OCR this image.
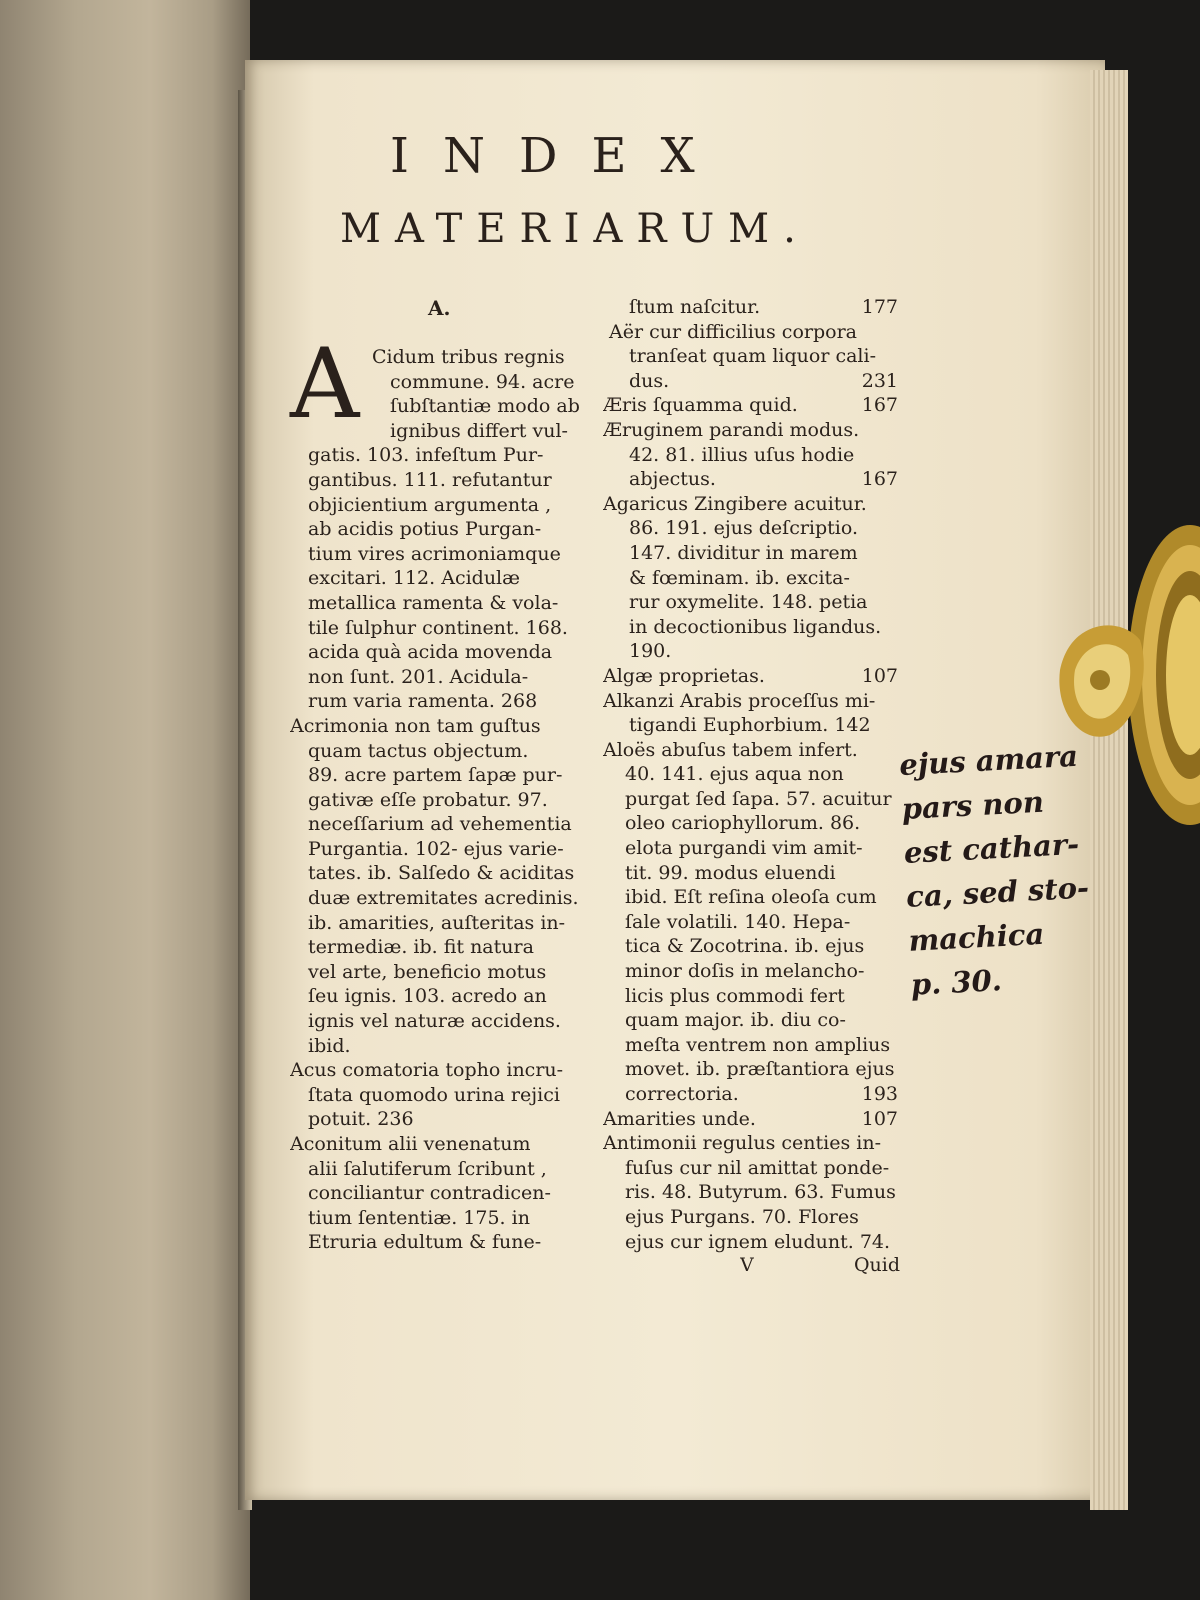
INDEX
MATERIARUM.
A.
A Cidum tribus regnis
commune. 94. acre
ſubſtantiæ modo ab
ignibus differt vul-
gatis. 103. infeſtum Pur-
gantibus. 111. refutantur
objicientium argumenta ,
ab acidis potius Purgan-
tium vires acrimoniamque
excitari. 112. Acidulæ
metallica ramenta & vola-
tile ſulphur continent. 168.
acida quà acida movenda
non ſunt. 201. Acidula-
rum varia ramenta. 268
Acrimonia non tam guſtus
quam tactus objectum.
89. acre partem ſapæ pur-
gativæ eſſe probatur. 97.
neceſſarium ad vehementia
Purgantia. 102- ejus varie-
tates. ib. Salſedo & aciditas
duæ extremitates acredinis.
ib. amarities, auſteritas in-
termediæ. ib. fit natura
vel arte, beneficio motus
ſeu ignis. 103. acredo an
ignis vel naturæ accidens.
ibid.
Acus comatoria topho incru-
ſtata quomodo urina rejici
potuit. 236
Aconitum alii venenatum
alii ſalutiferum ſcribunt ,
conciliantur contradicen-
tium ſententiæ. 175. in
Etruria edultum & fune-
ſtum naſcitur.	177
Aër cur difficilius corpora
tranſeat quam liquor cali-
dus.	231
Æris ſquamma quid.	167
Æruginem parandi modus.
42. 81. illius uſus hodie
abjectus.	167
Agaricus Zingibere acuitur.
86. 191. ejus deſcriptio.
147. dividitur in marem
& fœminam. ib. excita-
rur oxymelite. 148. petia
in decoctionibus ligandus.
190.
Algæ proprietas.	107
Alkanzi Arabis proceſſus mi-
tigandi Euphorbium. 142
Aloës abuſus tabem infert.
40. 141. ejus aqua non
purgat ſed ſapa. 57. acuitur
oleo cariophyllorum. 86.
elota purgandi vim amit-
tit. 99. modus eluendi
ibid. Eſt reſina oleoſa cum
ſale volatili. 140. Hepa-
tica & Zocotrina. ib. ejus
minor doſis in melancho-
licis plus commodi fert
quam major. ib. diu co-
meſta ventrem non amplius
movet. ib. præſtantiora ejus
correctoria.	193
Amarities unde.	107
Antimonii regulus centies in-
fuſus cur nil amittat ponde-
ris. 48. Butyrum. 63. Fumus
ejus Purgans. 70. Flores
ejus cur ignem eludunt. 74.
V	Quid
ejus amara
pars non
est cathar-
ca, sed sto-
machica
p. 30.
